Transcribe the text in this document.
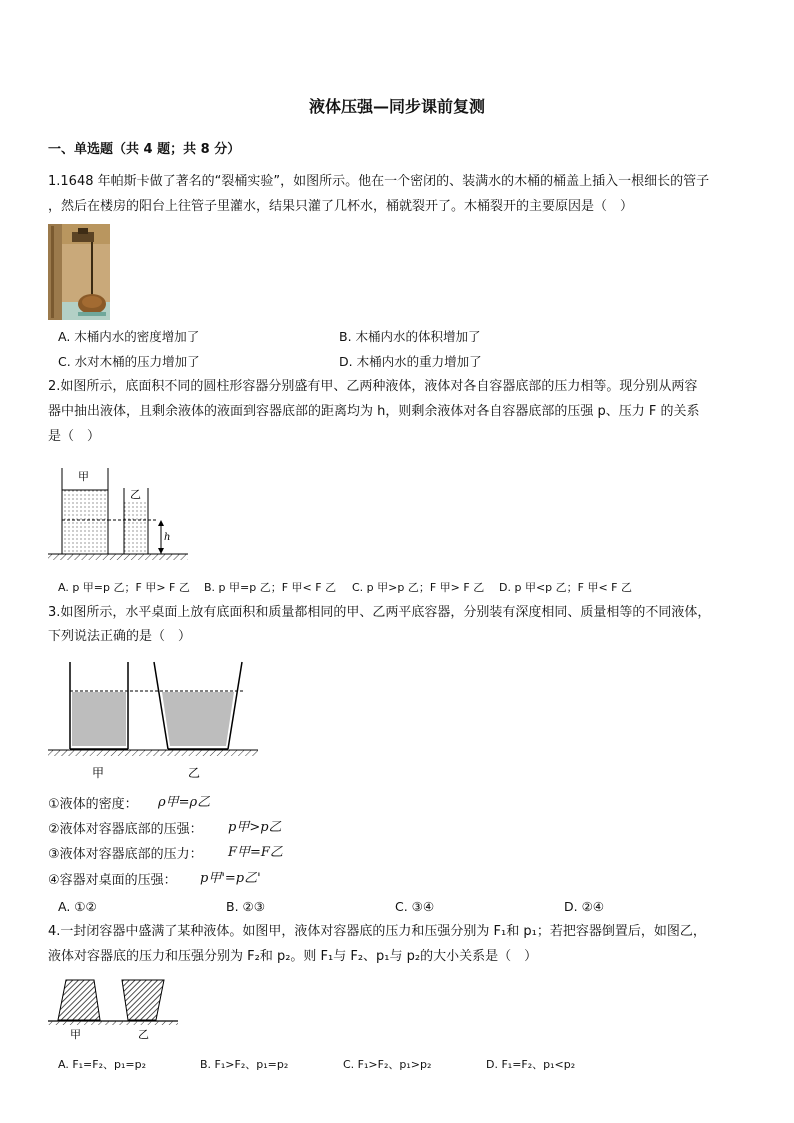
液体压强—同步课前复测
一、单选题（共 4 题；共 8 分）
1.1648 年帕斯卡做了著名的“裂桶实验”，如图所示。他在一个密闭的、装满水的木桶的桶盖上插入一根细长的管子
，然后在楼房的阳台上往管子里灌水，结果只灌了几杯水，桶就裂开了。木桶裂开的主要原因是（　）
A. 木桶内水的密度增加了	B. 木桶内水的体积增加了
C. 水对木桶的压力增加了	D. 木桶内水的重力增加了
2.如图所示，底面积不同的圆柱形容器分别盛有甲、乙两种液体，液体对各自容器底部的压力相等。现分别从两容
器中抽出液体，且剩余液体的液面到容器底部的距离均为 h，则剩余液体对各自容器底部的压强 p、压力 F 的关系
是（　）
甲
乙
h
A. p 甲=p 乙；F 甲> F 乙 B. p 甲=p 乙；F 甲< F 乙 C. p 甲>p 乙；F 甲> F 乙 D. p 甲<p 乙；F 甲< F 乙
3.如图所示，水平桌面上放有底面积和质量都相同的甲、乙两平底容器，分别装有深度相同、质量相等的不同液体，
下列说法正确的是（　）
甲	乙
①液体的密度： ρ甲=ρ乙
②液体对容器底部的压强： p甲>p乙
③液体对容器底部的压力： F甲=F乙
④容器对桌面的压强： p甲'=p乙'
A. ①②	B. ②③	C. ③④	D. ②④
4.一封闭容器中盛满了某种液体。如图甲，液体对容器底的压力和压强分别为 F₁和 p₁；若把容器倒置后，如图乙，
液体对容器底的压力和压强分别为 F₂和 p₂。则 F₁与 F₂、p₁与 p₂的大小关系是（　）
甲	乙
A. F₁=F₂、p₁=p₂	B. F₁>F₂、p₁=p₂	C. F₁>F₂、p₁>p₂	D. F₁=F₂、p₁<p₂
